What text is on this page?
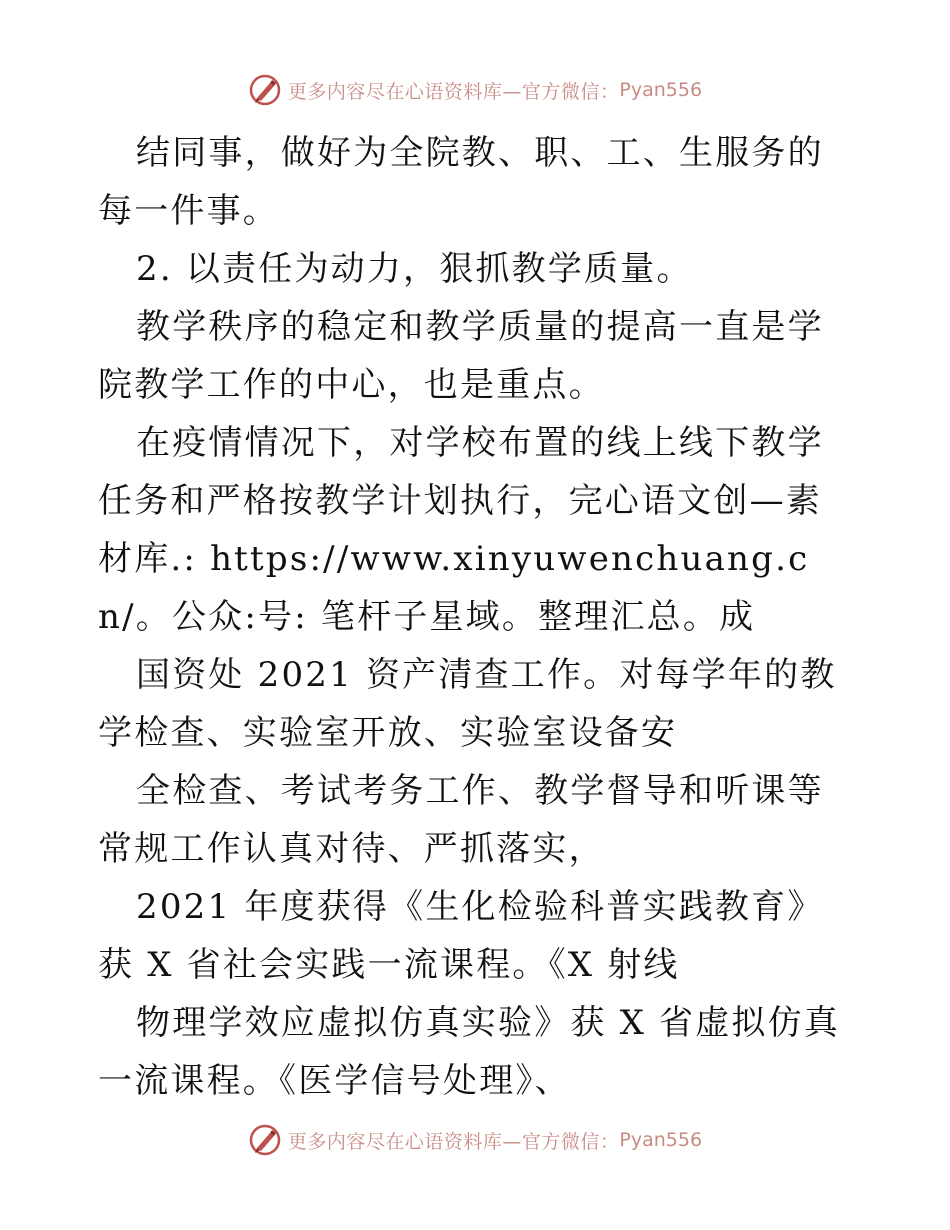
更多内容尽在心语资料库—官方微信： Pyan556

结同事，做好为全院教、职、工、生服务的每一件事。

2. 以责任为动力，狠抓教学质量。

教学秩序的稳定和教学质量的提高一直是学院教学工作的中心，也是重点。

在疫情情况下，对学校布置的线上线下教学任务和严格按教学计划执行，完心语文创—素材库.: https://www.xinyuwenchuang.cn/。公众:号: 笔杆子星域。整理汇总。成

国资处 2021 资产清查工作。对每学年的教学检查、实验室开放、实验室设备安

全检查、考试考务工作、教学督导和听课等常规工作认真对待、严抓落实，

2021 年度获得《生化检验科普实践教育》获 X 省社会实践一流课程。《X 射线

物理学效应虚拟仿真实验》获 X 省虚拟仿真一流课程。《医学信号处理》、

更多内容尽在心语资料库—官方微信： Pyan556
